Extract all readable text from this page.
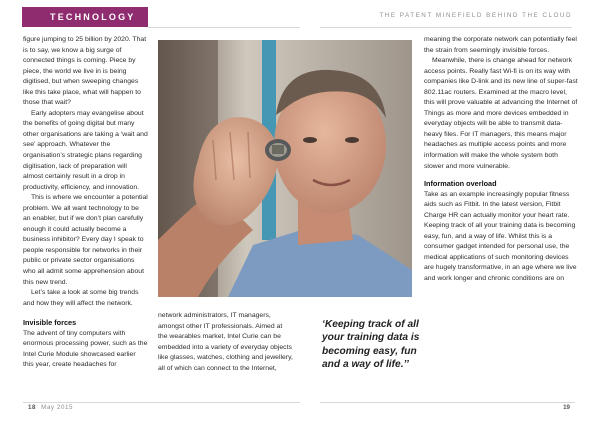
TECHNOLOGY	THE PATENT MINEFIELD BEHIND THE CLOUD

figure jumping to 25 billion by 2020. That is to say, we know a big surge of connected things is coming. Piece by piece, the world we live in is being digitised, but when sweeping changes like this take place, what will happen to those that wait?

Early adopters may evangelise about the benefits of going digital but many other organisations are taking a ‘wait and see’ approach. Whatever the organisation’s strategic plans regarding digitisation, lack of preparation will almost certainly result in a drop in productivity, efficiency, and innovation.

This is where we encounter a potential problem. We all want technology to be an enabler, but if we don’t plan carefully enough it could actually become a business inhibitor? Every day I speak to people responsible for networks in their public or private sector organisations who all admit some apprehension about this new trend.

Let’s take a look at some big trends and how they will affect the network.

Invisible forces

The advent of tiny computers with enormous processing power, such as the Intel Curie Module showcased earlier this year, create headaches for

network administrators, IT managers, amongst other IT professionals. Aimed at the wearables market, Intel Curie can be embedded into a variety of everyday objects like glasses, watches, clothing and jewellery, all of which can connect to the Internet,

‘Keeping track of all your training data is becoming easy, fun and a way of life.’’

meaning the corporate network can potentially feel the strain from seemingly invisible forces.

Meanwhile, there is change ahead for network access points. Really fast Wi-fi is on its way with companies like D-link and its new line of super-fast 802.11ac routers. Examined at the macro level, this will prove valuable at advancing the Internet of Things as more and more devices embedded in everyday objects will be able to transmit data-heavy files. For IT managers, this means major headaches as multiple access points and more information will make the whole system both slower and more vulnerable.

Information overload

Take as an example increasingly popular fitness aids such as Fitbit. In the latest version, Fitbit Charge HR can actually monitor your heart rate. Keeping track of all your training data is becoming easy, fun, and a way of life. Whilst this is a consumer gadget intended for personal use, the medical applications of such monitoring devices are hugely transformative, in an age where we live and work longer and chronic conditions are on

18 May 2015	19
